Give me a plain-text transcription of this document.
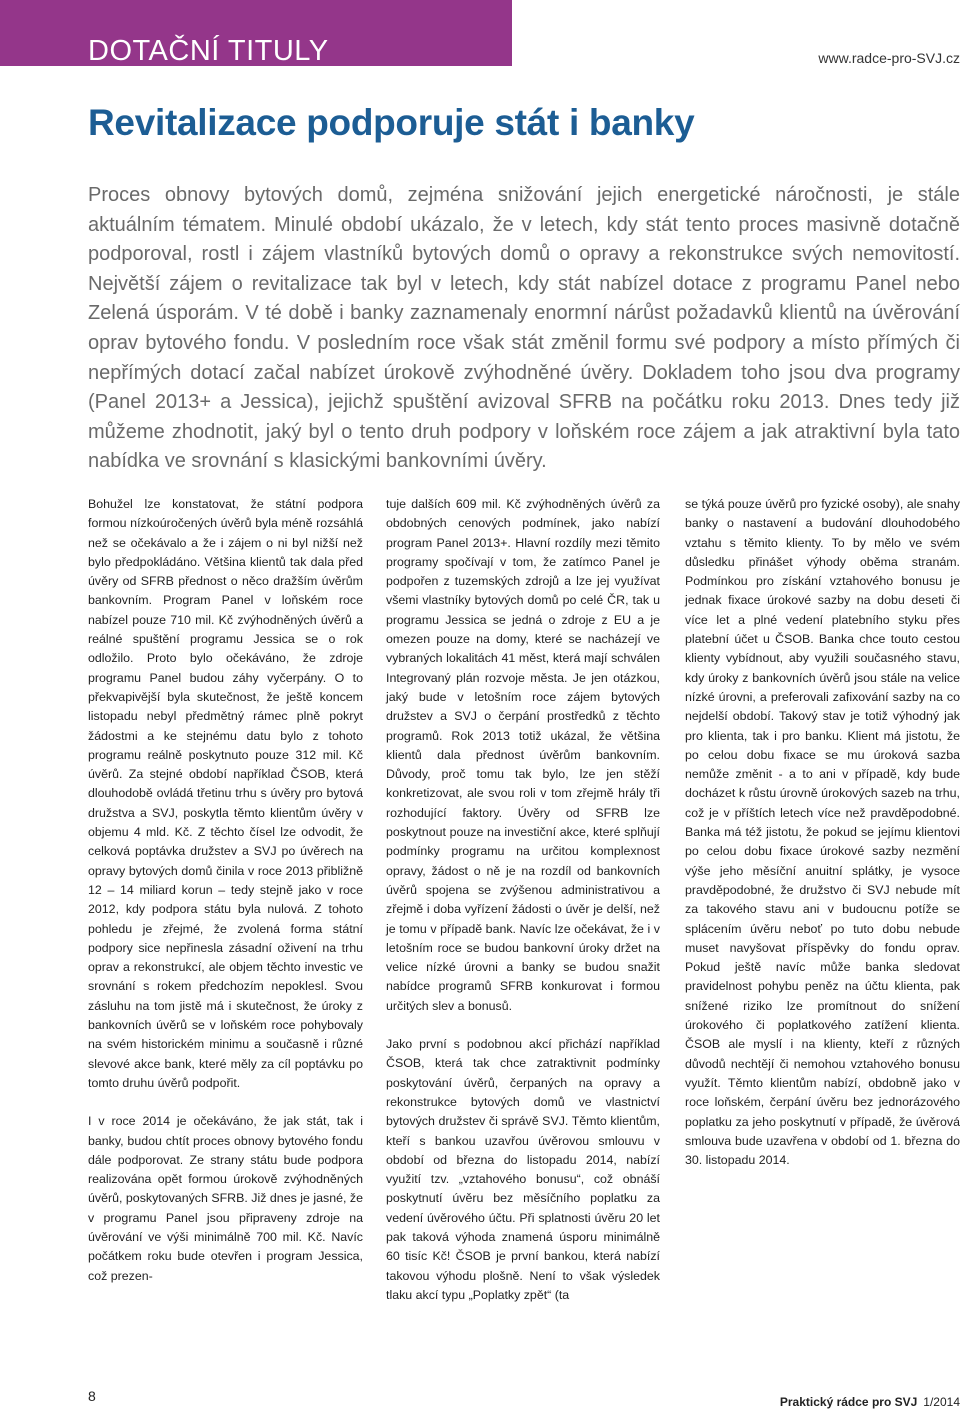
DOTAČNÍ TITULY	www.radce-pro-SVJ.cz
Revitalizace podporuje stát i banky

Proces obnovy bytových domů, zejména snižování jejich energetické náročnosti, je stále aktuálním tématem. Minulé období ukázalo, že v letech, kdy stát tento proces masivně dotačně podporoval, rostl i zájem vlastníků bytových domů o opravy a rekonstrukce svých nemovitostí.Největší zájem o revitalizace tak byl v letech, kdy stát nabízel dotace z programu Panel nebo Zelená úsporám. V té době i banky zaznamenaly enormní nárůst požadavků klientů na úvěrování oprav bytového fondu. V posledním roce však stát změnil formu své podpory a místo přímých či nepřímých dotací začal nabízet úrokově zvýhodněné úvěry. Dokladem toho jsou dva programy (Panel 2013+ a Jessica), jejichž spuštění avizoval SFRB na počátku roku 2013. Dnes tedy již můžeme zhodnotit, jaký byl o tento druh podpory v loňském roce zájem a jak atraktivní byla tato nabídka ve srovnání s klasickými bankovními úvěry.

Bohužel lze konstatovat, že státní podpora formou nízkoúročených úvěrů byla méně rozsáhlá než se očekávalo a že i zájem o ni byl nižší než bylo předpokládáno. Většina klientů tak dala před úvěry od SFRB přednost o něco dražším úvěrům bankovním. Program Panel v loňském roce nabízel pouze 710 mil. Kč zvýhodněných úvěrů a reálné spuštění programu Jessica se o rok odložilo. Proto bylo očekáváno, že zdroje programu Panel budou záhy vyčerpány. O to překvapivější byla skutečnost, že ještě koncem listopadu nebyl předmětný rámec plně pokryt žádostmi a ke stejnému datu bylo z tohoto programu reálně poskytnuto pouze 312 mil. Kč úvěrů. Za stejné období například ČSOB, která dlouhodobě ovládá třetinu trhu s úvěry pro bytová družstva a SVJ, poskytla těmto klientům úvěry v objemu 4 mld. Kč. Z těchto čísel lze odvodit, že celková poptávka družstev a SVJ po úvěrech na opravy bytových domů činila v roce 2013 přibližně 12 – 14 miliard korun – tedy stejně jako v roce 2012, kdy podpora státu byla nulová. Z tohoto pohledu je zřejmé, že zvolená forma státní podpory sice nepřinesla zásadní oživení na trhu oprav a rekonstrukcí, ale objem těchto investic ve srovnání s rokem předchozím nepoklesl. Svou zásluhu na tom jistě má i skutečnost, že úroky z bankovních úvěrů se v loňském roce pohybovaly na svém historickém minimu a současně i různé slevové akce bank, které měly za cíl poptávku po tomto druhu úvěrů podpořit.

I v roce 2014 je očekáváno, že jak stát, tak i banky, budou chtít proces obnovy bytového fondu dále podporovat. Ze strany státu bude podpora realizována opět formou úrokově zvýhodněných úvěrů, poskytovaných SFRB. Již dnes je jasné, že v programu Panel jsou připraveny zdroje na úvěrování ve výši minimálně 700 mil. Kč. Navíc počátkem roku bude otevřen i program Jessica, což prezen-

tuje dalších 609 mil. Kč zvýhodněných úvěrů za obdobných cenových podmínek, jako nabízí program Panel 2013+. Hlavní rozdíly mezi těmito programy spočívají v tom, že zatímco Panel je podpořen z tuzemských zdrojů a lze jej využívat všemi vlastníky bytových domů po celé ČR, tak u programu Jessica se jedná o zdroje z EU a je omezen pouze na domy, které se nacházejí ve vybraných lokalitách 41 měst, která mají schválen Integrovaný plán rozvoje města. Je jen otázkou, jaký bude v letošním roce zájem bytových družstev a SVJ o čerpání prostředků z těchto programů. Rok 2013 totiž ukázal, že většina klientů dala přednost úvěrům bankovním. Důvody, proč tomu tak bylo, lze jen stěží konkretizovat, ale svou roli v tom zřejmě hrály tři rozhodující faktory. Úvěry od SFRB lze poskytnout pouze na investiční akce, které splňují podmínky programu na určitou komplexnost opravy, žádost o ně je na rozdíl od bankovních úvěrů spojena se zvýšenou administrativou a zřejmě i doba vyřízení žádosti o úvěr je delší, než je tomu v případě bank. Navíc lze očekávat, že i v letošním roce se budou bankovní úroky držet na velice nízké úrovni a banky se budou snažit nabídce programů SFRB konkurovat i formou určitých slev a bonusů.

Jako první s podobnou akcí přichází například ČSOB, která tak chce zatraktivnit podmínky poskytování úvěrů, čerpaných na opravy a rekonstrukce bytových domů ve vlastnictví bytových družstev či správě SVJ. Těmto klientům, kteří s bankou uzavřou úvěrovou smlouvu v období od března do listopadu 2014, nabízí využití tzv. „vztahového bonusu“, což obnáší poskytnutí úvěru bez měsíčního poplatku za vedení úvěrového účtu. Při splatnosti úvěru 20 let pak taková výhoda znamená úsporu minimálně 60 tisíc Kč! ČSOB je první bankou, která nabízí takovou výhodu plošně. Není to však výsledek tlaku akcí typu „Poplatky zpět“ (ta

se týká pouze úvěrů pro fyzické osoby), ale snahy banky o nastavení a budování dlouhodobého vztahu s těmito klienty. To by mělo ve svém důsledku přinášet výhody oběma stranám. Podmínkou pro získání vztahového bonusu je jednak fixace úrokové sazby na dobu deseti či více let a plné vedení platebního styku přes platební účet u ČSOB. Banka chce touto cestou klienty vybídnout, aby využili současného stavu, kdy úroky z bankovních úvěrů jsou stále na velice nízké úrovni, a preferovali zafixování sazby na co nejdelší období. Takový stav je totiž výhodný jak pro klienta, tak i pro banku. Klient má jistotu, že po celou dobu fixace se mu úroková sazba nemůže změnit - a to ani v případě, kdy bude docházet k růstu úrovně úrokových sazeb na trhu, což je v příštích letech více než pravděpodobné. Banka má též jistotu, že pokud se jejímu klientovi po celou dobu fixace úrokové sazby nezmění výše jeho měsíční anuitní splátky, je vysoce pravděpodobné, že družstvo či SVJ nebude mít za takového stavu ani v budoucnu potíže se splácením úvěru neboť po tuto dobu nebude muset navyšovat příspěvky do fondu oprav. Pokud ještě navíc může banka sledovat pravidelnost pohybu peněz na účtu klienta, pak snížené riziko lze promítnout do snížení úrokového či poplatkového zatížení klienta. ČSOB ale myslí i na klienty, kteří z různých důvodů nechtějí či nemohou vztahového bonusu využít. Těmto klientům nabízí, obdobně jako v roce loňském, čerpání úvěru bez jednorázového poplatku za jeho poskytnutí v případě, že úvěrová smlouva bude uzavřena v období od 1. března do 30. listopadu 2014.

8	Praktický rádce pro SVJ 1/2014
